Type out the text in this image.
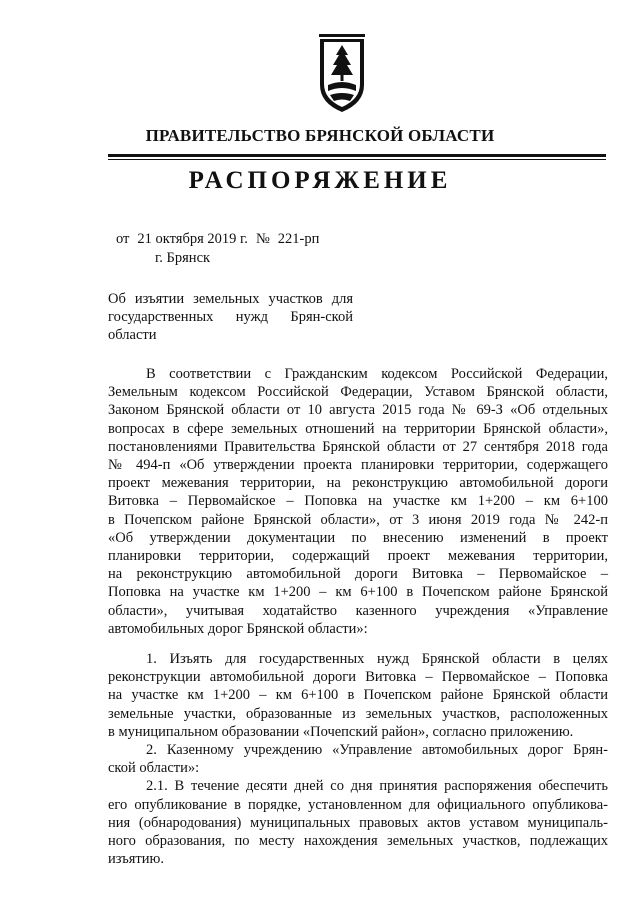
ПРАВИТЕЛЬСТВО БРЯНСКОЙ ОБЛАСТИ
РАСПОРЯЖЕНИЕ
от 21 октября 2019 г. № 221-рп
г. Брянск
Об изъятии земельных участков для государственных нужд Брян-ской области
В соответствии с Гражданским кодексом Российской Федерации,
Земельным кодексом Российской Федерации, Уставом Брянской области,
Законом Брянской области от 10 августа 2015 года № 69-З «Об отдельных
вопросах в сфере земельных отношений на территории Брянской области»,
постановлениями Правительства Брянской области от 27 сентября 2018 года
№ 494-п «Об утверждении проекта планировки территории, содержащего
проект межевания территории, на реконструкцию автомобильной дороги
Витовка – Первомайское – Поповка на участке км 1+200 – км 6+100
в Почепском районе Брянской области», от 3 июня 2019 года № 242-п
«Об утверждении документации по внесению изменений в проект
планировки территории, содержащий проект межевания территории,
на реконструкцию автомобильной дороги Витовка – Первомайское –
Поповка на участке км 1+200 – км 6+100 в Почепском районе Брянской
области», учитывая ходатайство казенного учреждения «Управление
автомобильных дорог Брянской области»:
1. Изъять для государственных нужд Брянской области в целях
реконструкции автомобильной дороги Витовка – Первомайское – Поповка
на участке км 1+200 – км 6+100 в Почепском районе Брянской области
земельные участки, образованные из земельных участков, расположенных
в муниципальном образовании «Почепский район», согласно приложению.
2. Казенному учреждению «Управление автомобильных дорог Брян-
ской области»:
2.1. В течение десяти дней со дня принятия распоряжения обеспечить
его опубликование в порядке, установленном для официального опубликова-
ния (обнародования) муниципальных правовых актов уставом муниципаль-
ного образования, по месту нахождения земельных участков, подлежащих
изъятию.
